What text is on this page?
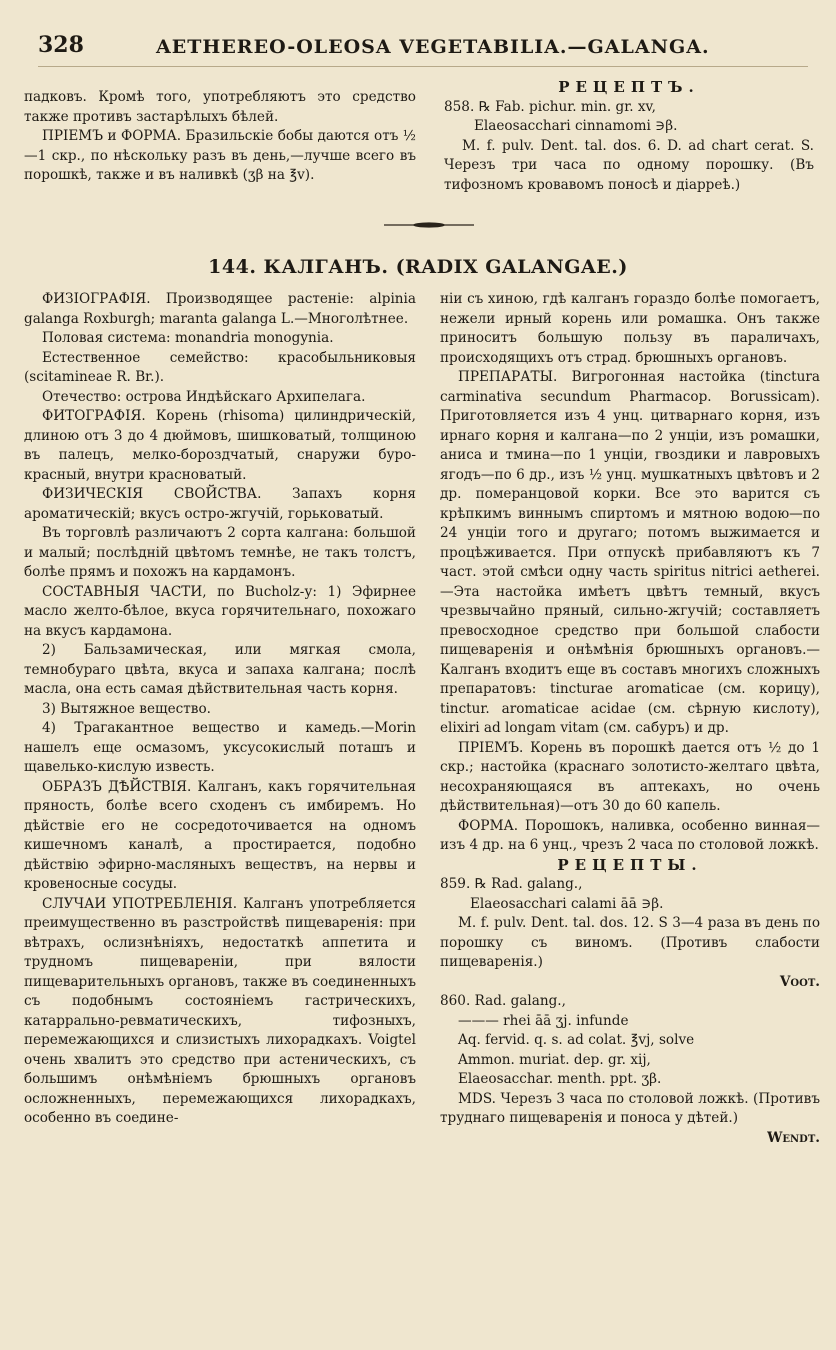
328	AETHEREO-OLEOSA VEGETABILIA.—GALANGA.

падковъ. Кромѣ того, употребляютъ это средство также противъ застарѣлыхъ бѣлей.

ПРІЕМЪ и ФОРМА. Бразильскіе бобы даются отъ ½—1 скр., по нѣскольку разъ въ день,—лучше всего въ порошкѣ, также и въ наливкѣ (ʒβ на ℥v).

РЕЦЕПТЪ.

858. ℞ Fab. pichur. min. gr. xv,

Elaeosacchari cinnamomi ∋β.

M. f. pulv. Dent. tal. dos. 6. D. ad chart cerat. S. Черезъ три часа по одному порошку. (Въ тифозномъ кровавомъ поносѣ и діарреѣ.)

144. КАЛГАНЪ. (RADIX GALANGAE.)

ФИЗІОГРАФІЯ. Производящее растеніе: alpinia galanga Roxburgh; maranta galanga L.—Многолѣтнее.

Половая система: monandria monogynia.

Естественное семейство: красобыльниковыя (scitamineae R. Br.).

Отечество: острова Индѣйскаго Архипелага.

ФИТОГРАФІЯ. Корень (rhisoma) цилиндрическій, длиною отъ 3 до 4 дюймовъ, шишковатый, толщиною въ палецъ, мелко-бороздчатый, снаружи буро-красный, внутри красноватый.

ФИЗИЧЕСКІЯ СВОЙСТВА. Запахъ корня ароматическій; вкусъ остро-жгучій, горьковатый.

Въ торговлѣ различаютъ 2 сорта калгана: большой и малый; послѣдній цвѣтомъ темнѣе, не такъ толстъ, болѣе прямъ и похожъ на кардамонъ.

СОСТАВНЫЯ ЧАСТИ, по Bucholz-у: 1) Эфирнее масло желто-бѣлое, вкуса горячительнаго, похожаго на вкусъ кардамона.

2) Бальзамическая, или мягкая смола, темнобураго цвѣта, вкуса и запаха калгана; послѣ масла, она есть самая дѣйствительная часть корня.

3) Вытяжное вещество.

4) Трагакантное вещество и камедь.—Morin нашелъ еще осмазомъ, уксусокислый поташъ и щавелько-кислую известь.

ОБРАЗЪ ДѢЙСТВІЯ. Калганъ, какъ горячительная пряность, болѣе всего сходенъ съ имбиремъ. Но дѣйствіе его не сосредоточивается на одномъ кишечномъ каналѣ, а простирается, подобно дѣйствію эфирно-масляныхъ веществъ, на нервы и кровеносные сосуды.

СЛУЧАИ УПОТРЕБЛЕНІЯ. Калганъ употребляется преимущественно въ разстройствѣ пищеваренія: при вѣтрахъ, ослизнѣніяхъ, недостаткѣ аппетита и трудномъ пищевареніи, при вялости пищеварительныхъ органовъ, также въ соединенныхъ съ подобнымъ состояніемъ гастрическихъ, катаррально-ревматическихъ, тифозныхъ, перемежающихся и слизистыхъ лихорадкахъ. Voigtel очень хвалитъ это средство при астеническихъ, съ большимъ онѣмѣніемъ брюшныхъ органовъ осложненныхъ, перемежающихся лихорадкахъ, особенно въ соедине-

ніи съ хиною, гдѣ калганъ гораздо болѣе помогаетъ, нежели ирный корень или ромашка. Онъ также приноситъ большую пользу въ параличахъ, происходящихъ отъ страд. брюшныхъ органовъ.

ПРЕПАРАТЫ. Вигрогонная настойка (tinctura carminativa secundum Pharmacop. Borussicam). Приготовляется изъ 4 унц. цитварнаго корня, изъ ирнаго корня и калгана—по 2 унціи, изъ ромашки, аниса и тмина—по 1 унціи, гвоздики и лавровыхъ ягодъ—по 6 др., изъ ½ унц. мушкатныхъ цвѣтовъ и 2 др. померанцовой корки. Все это варится съ крѣпкимъ виннымъ спиртомъ и мятною водою—по 24 унціи того и другаго; потомъ выжимается и процѣживается. При отпускѣ прибавляютъ къ 7 част. этой смѣси одну часть spiritus nitrici aetherei.—Эта настойка имѣетъ цвѣтъ темный, вкусъ чрезвычайно пряный, сильно-жгучій; составляетъ превосходное средство при большой слабости пищеваренія и онѣмѣнія брюшныхъ органовъ.—Калганъ входитъ еще въ составъ многихъ сложныхъ препаратовъ: tincturae aromaticae (см. корицу), tinctur. aromaticae acidae (см. сѣрную кислоту), elixiri ad longam vitam (см. сабуръ) и др.

ПРІЕМЪ. Корень въ порошкѣ дается отъ ½ до 1 скр.; настойка (краснаго золотисто-желтаго цвѣта, несохраняющаяся въ аптекахъ, но очень дѣйствительная)—отъ 30 до 60 капель.

ФОРМА. Порошокъ, наливка, особенно винная—изъ 4 др. на 6 унц., чрезъ 2 часа по столовой ложкѣ.

РЕЦЕПТЫ.

859. ℞ Rad. galang.,

Elaeosacchari calami āā ∋β.

M. f. pulv. Dent. tal. dos. 12. S 3—4 раза въ день по порошку съ виномъ. (Противъ слабости пищеваренія.)

Voot.

860. Rad. galang.,

——— rhei āā ʒj. infunde

Aq. fervid. q. s. ad colat. ℥vj, solve

Ammon. muriat. dep. gr. xij,

Elaeosacchar. menth. ppt. ʒβ.

MDS. Черезъ 3 часа по столовой ложкѣ. (Противъ труднаго пищеваренія и поноса у дѣтей.)

Wendt.
